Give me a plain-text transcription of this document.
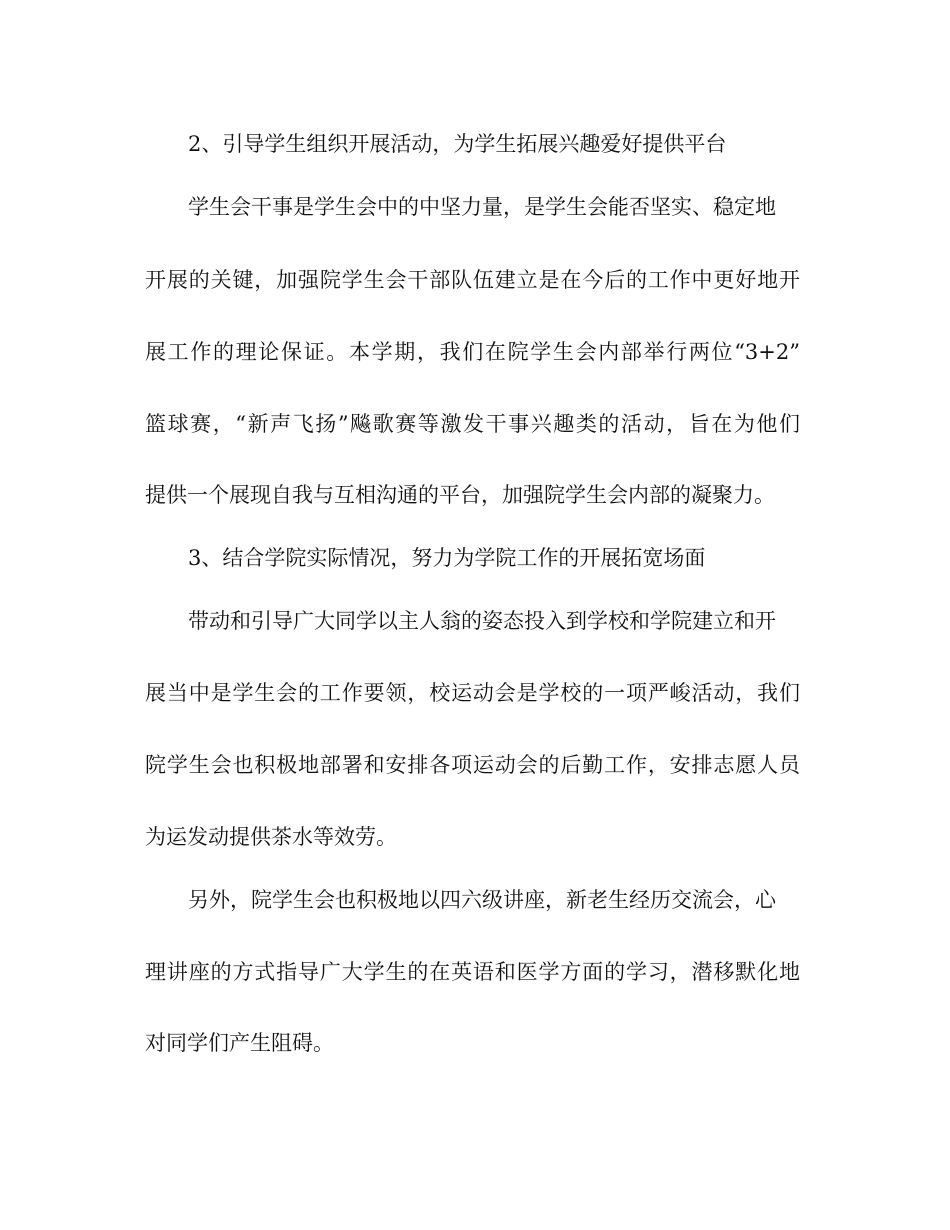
2、引导学生组织开展活动，为学生拓展兴趣爱好提供平台
学生会干事是学生会中的中坚力量，是学生会能否坚实、稳定地
开展的关键，加强院学生会干部队伍建立是在今后的工作中更好地开
展工作的理论保证。本学期，我们在院学生会内部举行两位“3+2”
篮球赛，“新声飞扬”飚歌赛等激发干事兴趣类的活动，旨在为他们
提供一个展现自我与互相沟通的平台，加强院学生会内部的凝聚力。
3、结合学院实际情况，努力为学院工作的开展拓宽场面
带动和引导广大同学以主人翁的姿态投入到学校和学院建立和开
展当中是学生会的工作要领，校运动会是学校的一项严峻活动，我们
院学生会也积极地部署和安排各项运动会的后勤工作，安排志愿人员
为运发动提供茶水等效劳。
另外，院学生会也积极地以四六级讲座，新老生经历交流会，心
理讲座的方式指导广大学生的在英语和医学方面的学习，潜移默化地
对同学们产生阻碍。
